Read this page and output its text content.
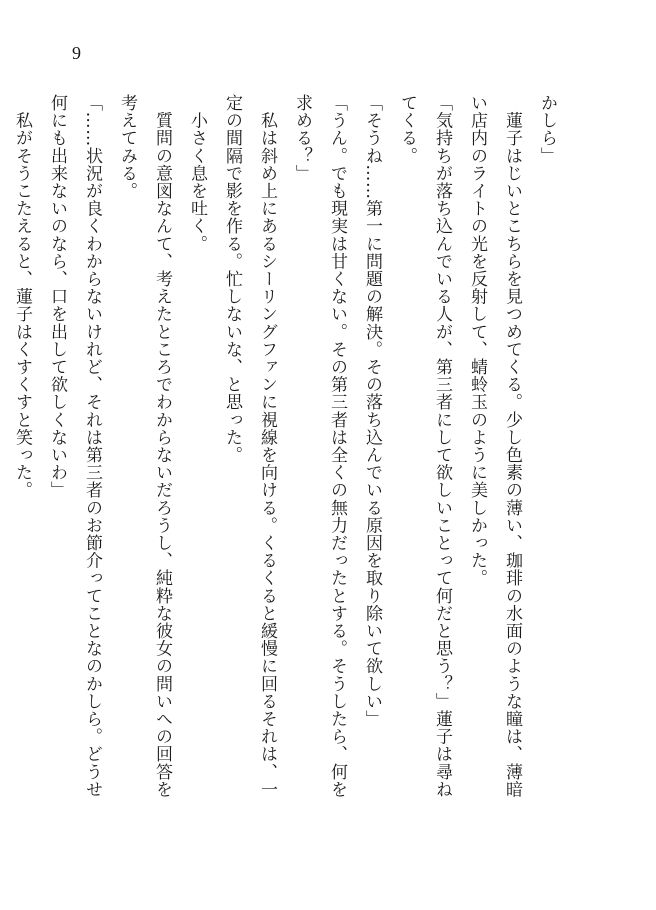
9

かしら」

　蓮子はじいとこちらを見つめてくる。少し色素の薄い、珈琲の水面のような瞳は、薄暗

い店内のライトの光を反射して、蜻蛉玉のように美しかった。

「気持ちが落ち込んでいる人が、第三者にして欲しいことって何だと思う？」蓮子は尋ね

てくる。

「そうね……第一に問題の解決。その落ち込んでいる原因を取り除いて欲しい」

「うん。でも現実は甘くない。その第三者は全くの無力だったとする。そうしたら、何を

求める？」

　私は斜め上にあるシーリングファンに視線を向ける。くるくると緩慢に回るそれは、一

定の間隔で影を作る。忙しないな、と思った。

　小さく息を吐く。

　質問の意図なんて、考えたところでわからないだろうし、純粋な彼女の問いへの回答を

考えてみる。

「……状況が良くわからないけれど、それは第三者のお節介ってことなのかしら。どうせ

何にも出来ないのなら、口を出して欲しくないわ」

　私がそうこたえると、蓮子はくすくすと笑った。
